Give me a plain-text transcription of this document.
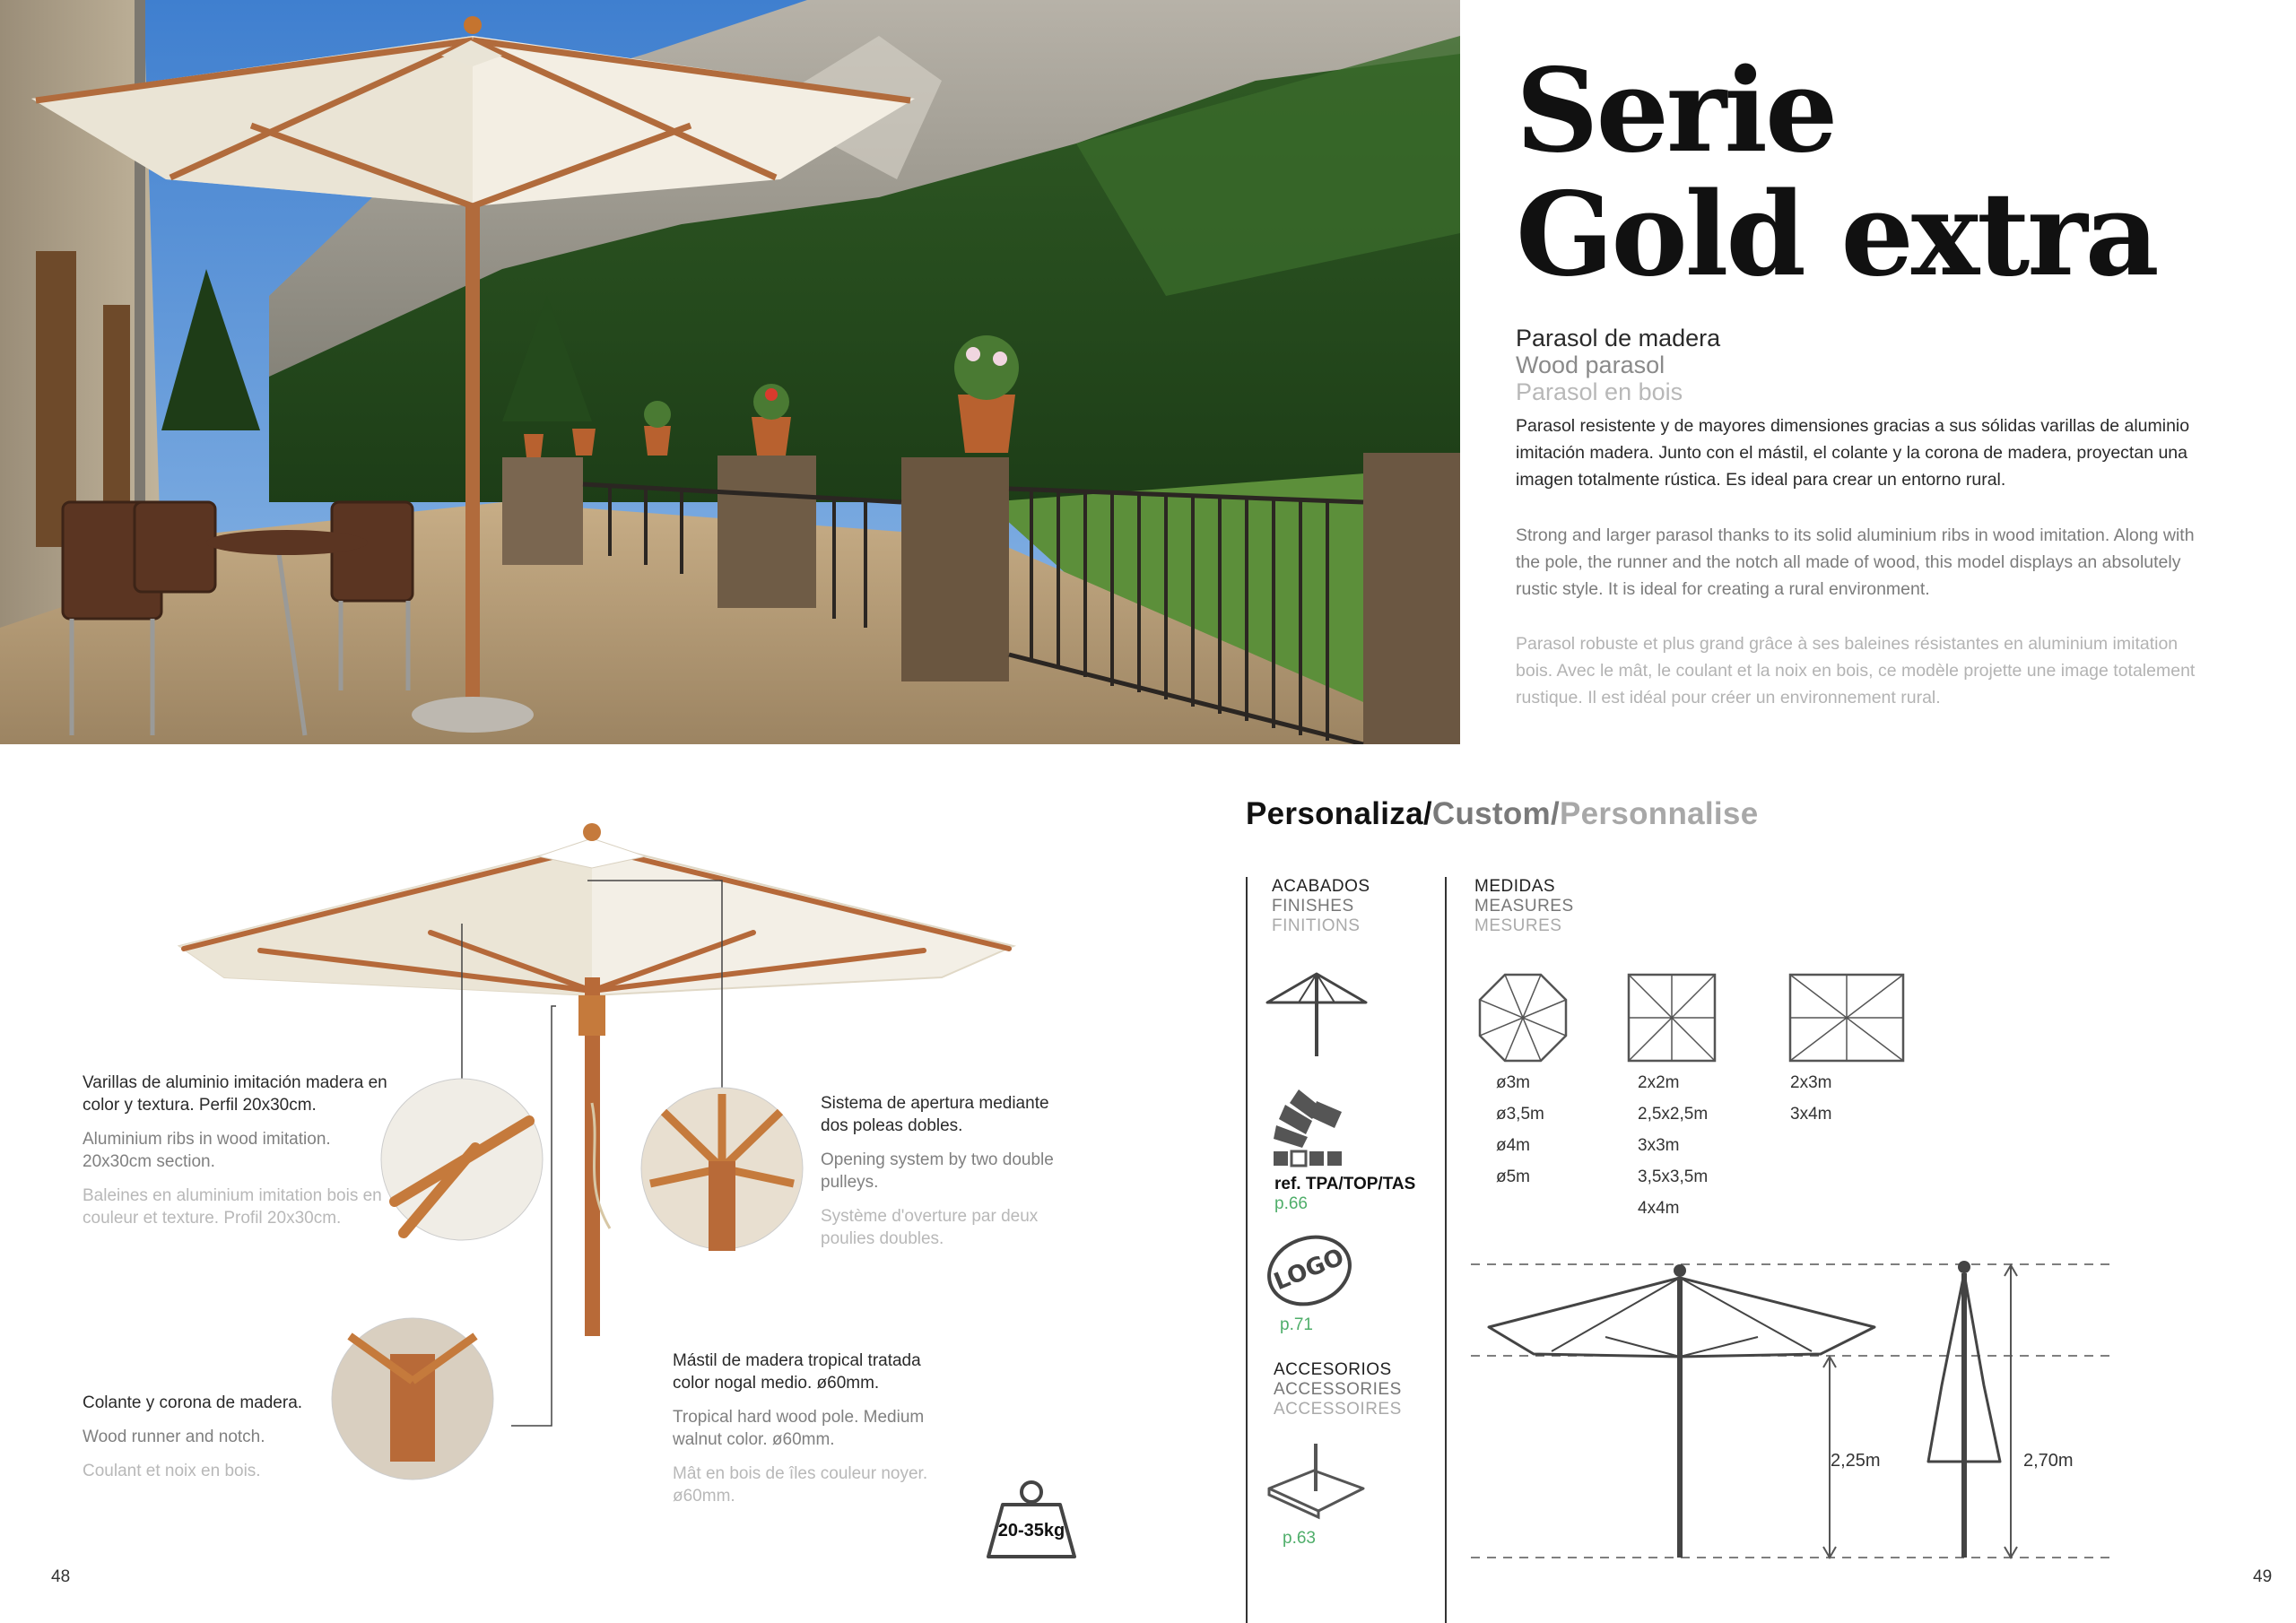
Serie
Gold extra
Parasol de madera
Wood parasol
Parasol en bois

Parasol resistente y de mayores dimensiones gracias a sus sólidas varillas de aluminio imitación madera. Junto con el mástil, el colante y la corona de madera, proyectan una imagen totalmente rústica. Es ideal para crear un entorno rural.

Strong and larger parasol thanks to its solid aluminium ribs in wood imitation. Along with the pole, the runner and the notch all made of wood, this model displays an absolutely rustic style. It is ideal for creating a rural environment.

Parasol robuste et plus grand grâce à ses baleines résistantes en aluminium imitation bois. Avec le mât, le coulant et la noix en bois, ce modèle projette une image totalement rustique. Il est idéal pour créer un environnement rural.

Varillas de aluminio imitación madera en color y textura. Perfil 20x30cm.
Aluminium ribs in wood imitation. 20x30cm section.
Baleines en aluminium imitation bois en couleur et texture. Profil 20x30cm.
Sistema de apertura mediante dos poleas dobles.
Opening system by two double pulleys.
Système d'overture par deux poulies doubles.
Mástil de madera tropical tratada color nogal medio. ø60mm.
Tropical hard wood pole. Medium walnut color. ø60mm.
Mât en bois de îles couleur noyer. ø60mm.
Colante y corona de madera.
Wood runner and notch.
Coulant et noix en bois.
20-35kg
48	49
Personaliza/Custom/Personnalise
ACABADOS
FINISHES
FINITIONS
ref. TPA/TOP/TAS
p.66
LOGO
p.71
ACCESORIOS
ACCESSORIES
ACCESSOIRES
p.63
MEDIDAS
MEASURES
MESURES
ø3m
ø3,5m
ø4m
ø5m
2x2m
2,5x2,5m
3x3m
3,5x3,5m
4x4m
2x3m
3x4m
2,25m	2,70m
